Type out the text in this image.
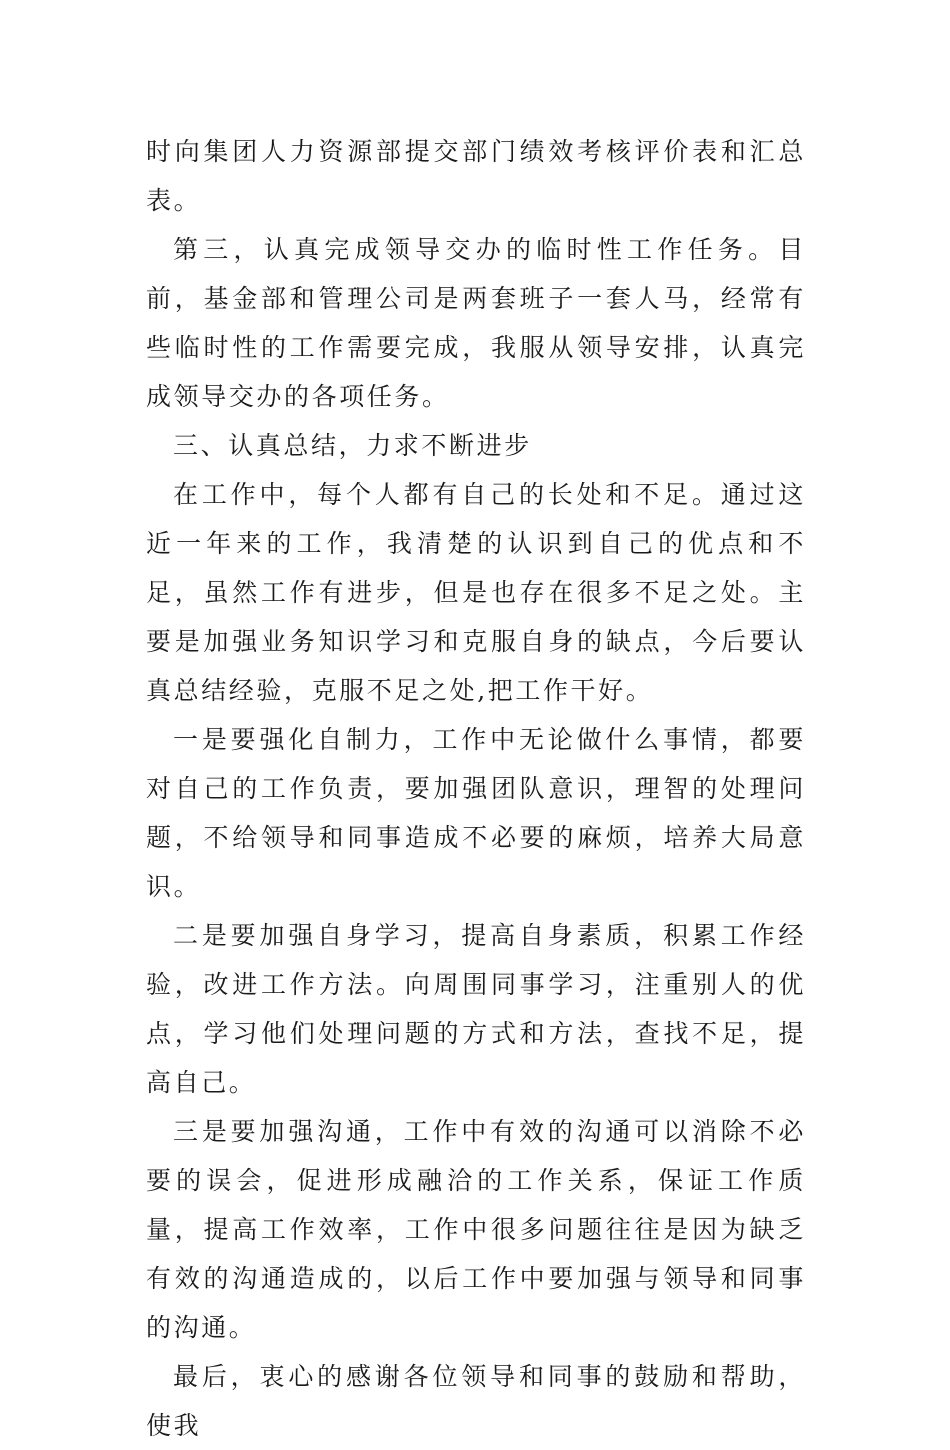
时向集团人力资源部提交部门绩效考核评价表和汇总表。

第三，认真完成领导交办的临时性工作任务。目前，基金部和管理公司是两套班子一套人马，经常有些临时性的工作需要完成，我服从领导安排，认真完成领导交办的各项任务。

三、认真总结，力求不断进步

在工作中，每个人都有自己的长处和不足。通过这近一年来的工作，我清楚的认识到自己的优点和不足，虽然工作有进步，但是也存在很多不足之处。主要是加强业务知识学习和克服自身的缺点，今后要认真总结经验，克服不足之处,把工作干好。

一是要强化自制力，工作中无论做什么事情，都要对自己的工作负责，要加强团队意识，理智的处理问题，不给领导和同事造成不必要的麻烦，培养大局意识。

二是要加强自身学习，提高自身素质，积累工作经验，改进工作方法。向周围同事学习，注重别人的优点，学习他们处理问题的方式和方法，查找不足，提高自己。

三是要加强沟通，工作中有效的沟通可以消除不必要的误会，促进形成融洽的工作关系，保证工作质量，提高工作效率，工作中很多问题往往是因为缺乏有效的沟通造成的，以后工作中要加强与领导和同事的沟通。

最后，衷心的感谢各位领导和同事的鼓励和帮助，使我
